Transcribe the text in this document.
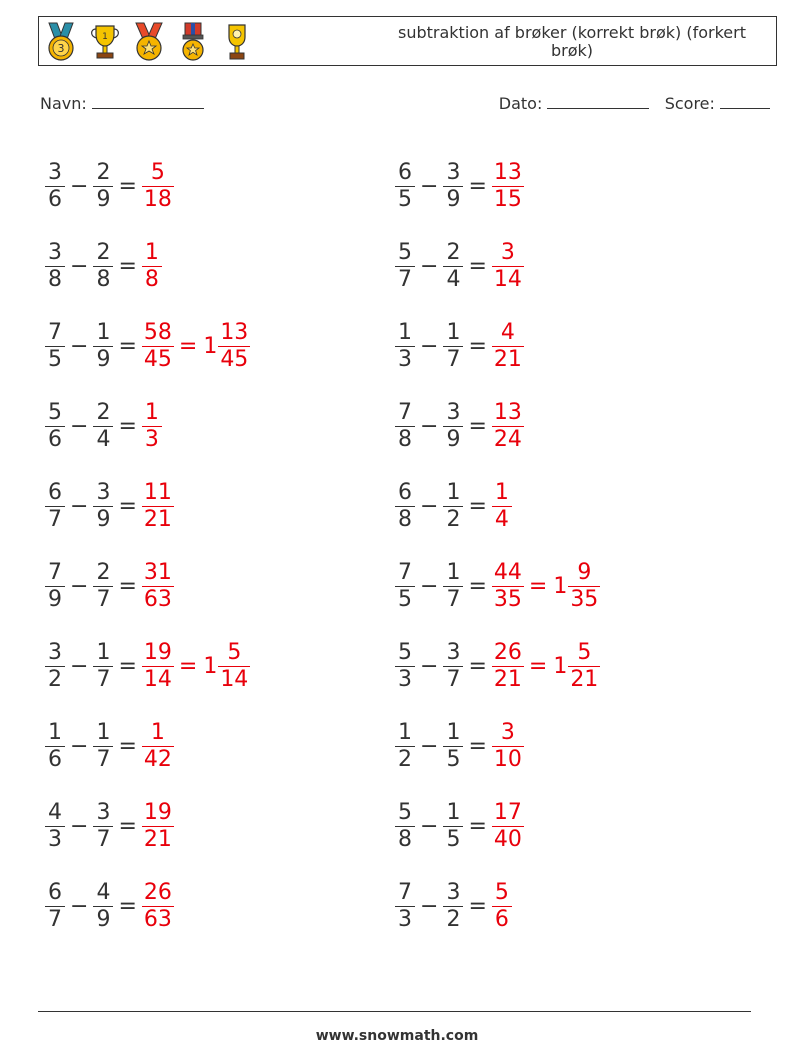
3
1	subtraktion af brøker (korrekt brøk) (forkert brøk)
Navn:	Dato:	Score:
$\frac{3}{6} - \frac{2}{9} = \frac{5}{18}$
$\frac{3}{8} - \frac{2}{8} = \frac{1}{8}$
$\frac{7}{5} - \frac{1}{9} = \frac{58}{45} = 1 \frac{13}{45}$
$\frac{5}{6} - \frac{2}{4} = \frac{1}{3}$
$\frac{6}{7} - \frac{3}{9} = \frac{11}{21}$
$\frac{7}{9} - \frac{2}{7} = \frac{31}{63}$
$\frac{3}{2} - \frac{1}{7} = \frac{19}{14} = 1 \frac{5}{14}$
$\frac{1}{6} - \frac{1}{7} = \frac{1}{42}$
$\frac{4}{3} - \frac{3}{7} = \frac{19}{21}$
$\frac{6}{7} - \frac{4}{9} = \frac{26}{63}$
$\frac{6}{5} - \frac{3}{9} = \frac{13}{15}$
$\frac{5}{7} - \frac{2}{4} = \frac{3}{14}$
$\frac{1}{3} - \frac{1}{7} = \frac{4}{21}$
$\frac{7}{8} - \frac{3}{9} = \frac{13}{24}$
$\frac{6}{8} - \frac{1}{2} = \frac{1}{4}$
$\frac{7}{5} - \frac{1}{7} = \frac{44}{35} = 1 \frac{9}{35}$
$\frac{5}{3} - \frac{3}{7} = \frac{26}{21} = 1 \frac{5}{21}$
$\frac{1}{2} - \frac{1}{5} = \frac{3}{10}$
$\frac{5}{8} - \frac{1}{5} = \frac{17}{40}$
$\frac{7}{3} - \frac{3}{2} = \frac{5}{6}$
www.snowmath.com
